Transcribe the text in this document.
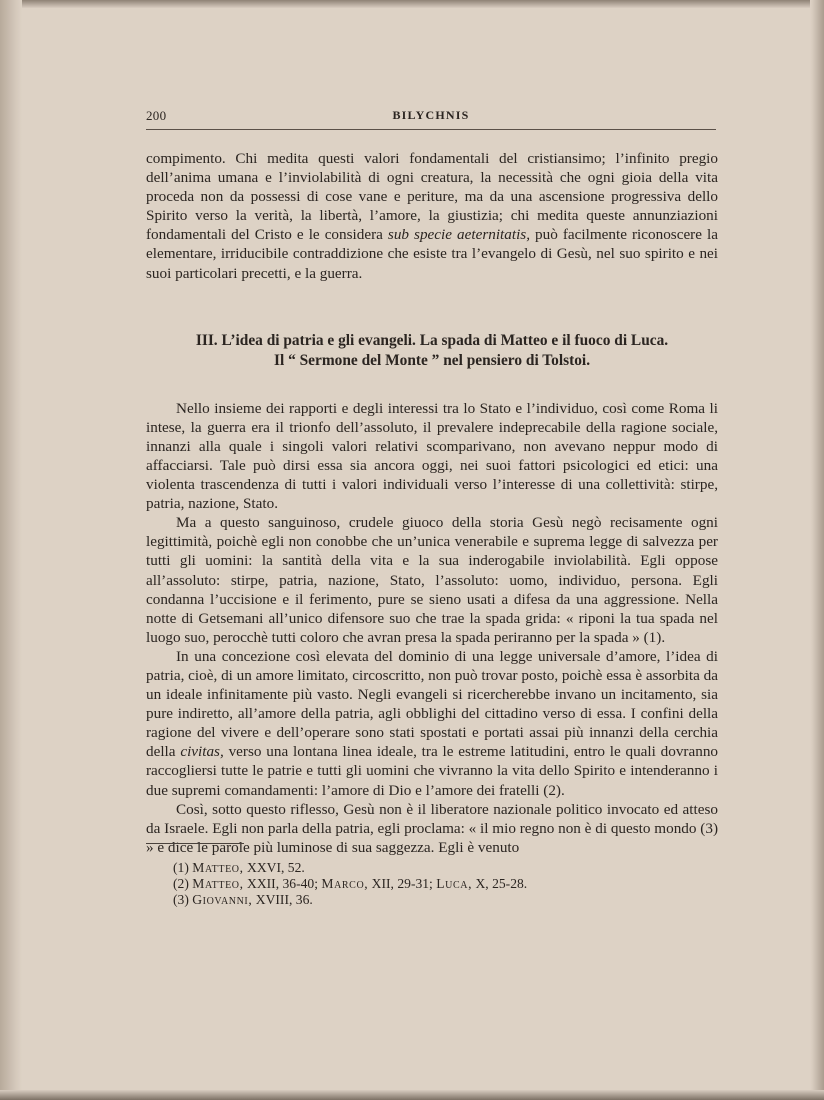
200	BILYCHNIS

compimento. Chi medita questi valori fondamentali del cristiansimo; l’infinito pregio dell’anima umana e l’inviolabilità di ogni creatura, la necessità che ogni gioia della vita proceda non da possessi di cose vane e periture, ma da una ascensione progressiva dello Spirito verso la verità, la libertà, l’amore, la giustizia; chi medita queste annunziazioni fondamentali del Cristo e le considera sub specie aeternitatis, può facilmente riconoscere la elementare, irriducibile contraddizione che esiste tra l’evangelo di Gesù, nel suo spirito e nei suoi particolari precetti, e la guerra.

III. L’idea di patria e gli evangeli. La spada di Matteo e il fuoco di Luca.
Il “ Sermone del Monte ” nel pensiero di Tolstoi.

Nello insieme dei rapporti e degli interessi tra lo Stato e l’individuo, così come Roma li intese, la guerra era il trionfo dell’assoluto, il prevalere indeprecabile della ragione sociale, innanzi alla quale i singoli valori relativi scomparivano, non avevano neppur modo di affacciarsi. Tale può dirsi essa sia ancora oggi, nei suoi fattori psicologici ed etici: una violenta trascendenza di tutti i valori individuali verso l’interesse di una collettività: stirpe, patria, nazione, Stato.

Ma a questo sanguinoso, crudele giuoco della storia Gesù negò recisamente ogni legittimità, poichè egli non conobbe che un’unica venerabile e suprema legge di salvezza per tutti gli uomini: la santità della vita e la sua inderogabile inviolabilità. Egli oppose all’assoluto: stirpe, patria, nazione, Stato, l’assoluto: uomo, individuo, persona. Egli condanna l’uccisione e il ferimento, pure se sieno usati a difesa da una aggressione. Nella notte di Getsemani all’unico difensore suo che trae la spada grida: « riponi la tua spada nel luogo suo, perocchè tutti coloro che avran presa la spada periranno per la spada » (1).

In una concezione così elevata del dominio di una legge universale d’amore, l’idea di patria, cioè, di un amore limitato, circoscritto, non può trovar posto, poichè essa è assorbita da un ideale infinitamente più vasto. Negli evangeli si ricercherebbe invano un incitamento, sia pure indiretto, all’amore della patria, agli obblighi del cittadino verso di essa. I confini della ragione del vivere e dell’operare sono stati spostati e portati assai più innanzi della cerchia della civitas, verso una lontana linea ideale, tra le estreme latitudini, entro le quali dovranno raccogliersi tutte le patrie e tutti gli uomini che vivranno la vita dello Spirito e intenderanno i due supremi comandamenti: l’amore di Dio e l’amore dei fratelli (2).

Così, sotto questo riflesso, Gesù non è il liberatore nazionale politico invocato ed atteso da Israele. Egli non parla della patria, egli proclama: « il mio regno non è di questo mondo (3) » e dice le parole più luminose di sua saggezza. Egli è venuto

(1) Matteo, XXVI, 52.
(2) Matteo, XXII, 36-40; Marco, XII, 29-31; Luca, X, 25-28.
(3) Giovanni, XVIII, 36.
